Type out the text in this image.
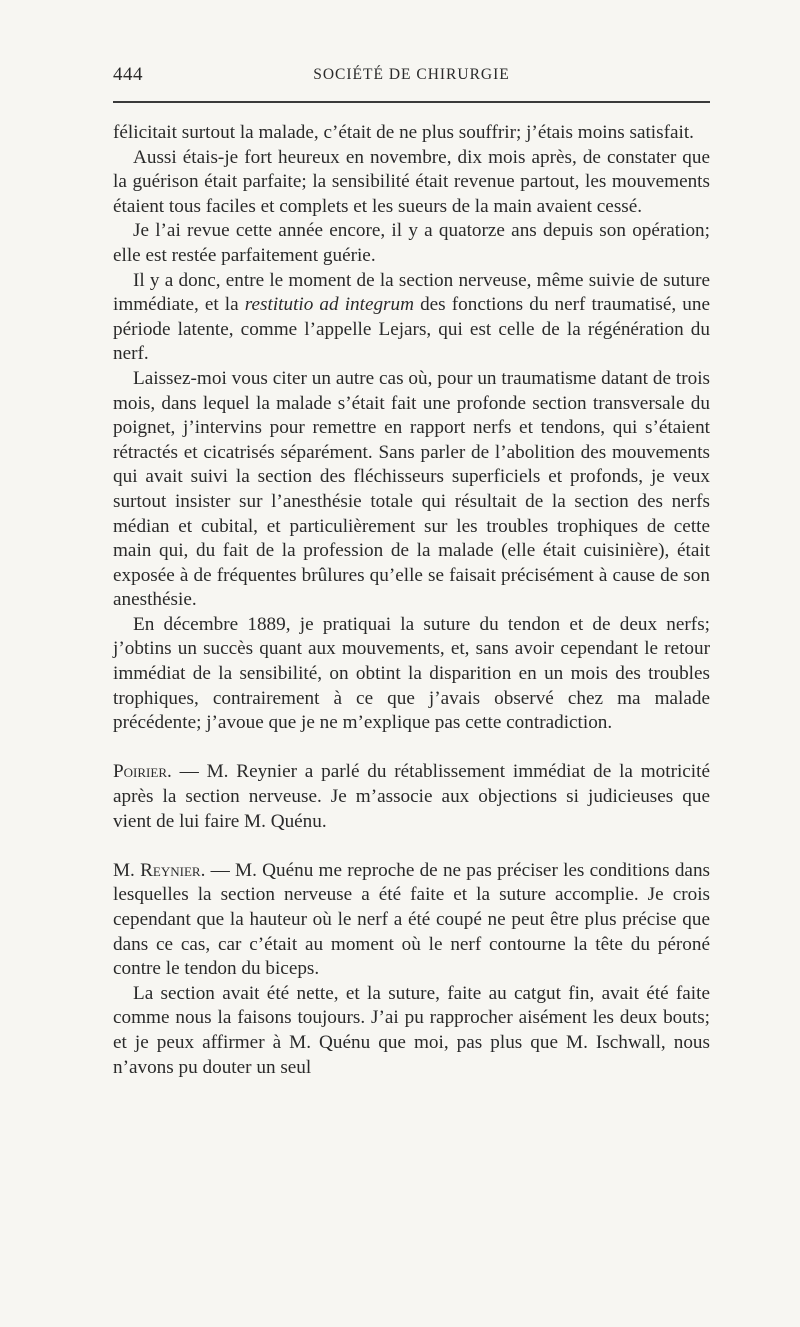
444	SOCIÉTÉ DE CHIRURGIE

félicitait surtout la malade, c’était de ne plus souffrir; j’étais moins satisfait.

Aussi étais-je fort heureux en novembre, dix mois après, de constater que la guérison était parfaite; la sensibilité était revenue partout, les mouvements étaient tous faciles et complets et les sueurs de la main avaient cessé.

Je l’ai revue cette année encore, il y a quatorze ans depuis son opération; elle est restée parfaitement guérie.

Il y a donc, entre le moment de la section nerveuse, même suivie de suture immédiate, et la restitutio ad integrum des fonctions du nerf traumatisé, une période latente, comme l’appelle Lejars, qui est celle de la régénération du nerf.

Laissez-moi vous citer un autre cas où, pour un traumatisme datant de trois mois, dans lequel la malade s’était fait une profonde section transversale du poignet, j’intervins pour remettre en rapport nerfs et tendons, qui s’étaient rétractés et cicatrisés séparément. Sans parler de l’abolition des mouvements qui avait suivi la section des fléchisseurs superficiels et profonds, je veux surtout insister sur l’anesthésie totale qui résultait de la section des nerfs médian et cubital, et particulièrement sur les troubles trophiques de cette main qui, du fait de la profession de la malade (elle était cuisinière), était exposée à de fréquentes brûlures qu’elle se faisait précisément à cause de son anesthésie.

En décembre 1889, je pratiquai la suture du tendon et de deux nerfs; j’obtins un succès quant aux mouvements, et, sans avoir cependant le retour immédiat de la sensibilité, on obtint la disparition en un mois des troubles trophiques, contrairement à ce que j’avais observé chez ma malade précédente; j’avoue que je ne m’explique pas cette contradiction.

Poirier. — M. Reynier a parlé du rétablissement immédiat de la motricité après la section nerveuse. Je m’associe aux objections si judicieuses que vient de lui faire M. Quénu.

M. Reynier. — M. Quénu me reproche de ne pas préciser les conditions dans lesquelles la section nerveuse a été faite et la suture accomplie. Je crois cependant que la hauteur où le nerf a été coupé ne peut être plus précise que dans ce cas, car c’était au moment où le nerf contourne la tête du péroné contre le tendon du biceps.

La section avait été nette, et la suture, faite au catgut fin, avait été faite comme nous la faisons toujours. J’ai pu rapprocher aisément les deux bouts; et je peux affirmer à M. Quénu que moi, pas plus que M. Ischwall, nous n’avons pu douter un seul
